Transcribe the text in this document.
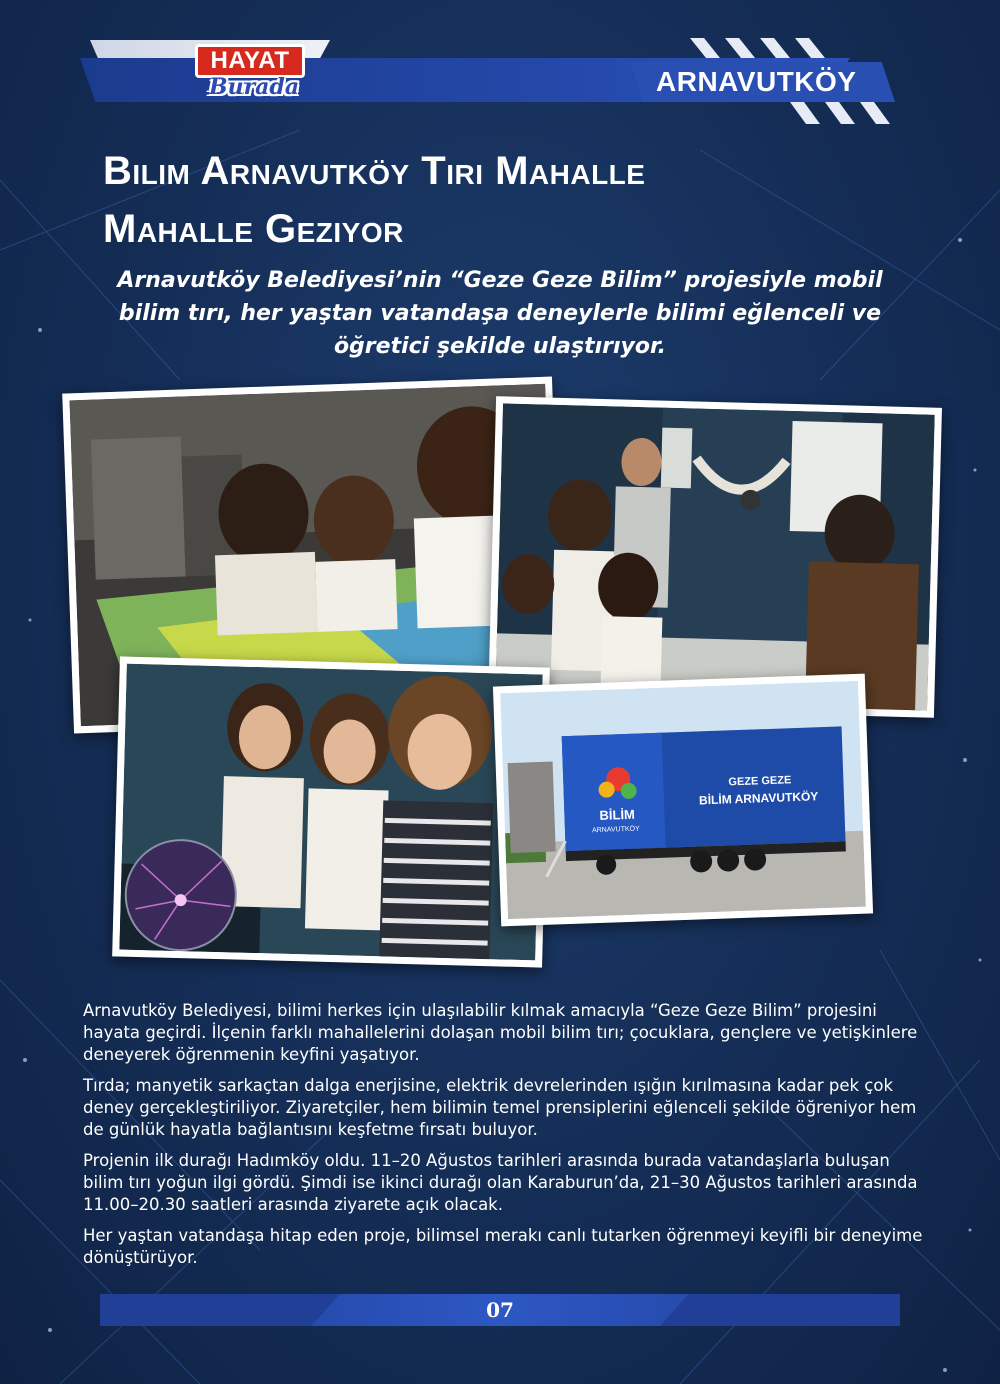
ARNAVUTKÖY
HAYAT
Burada
Bilim Arnavutköy Tırı Mahalle
Mahalle Geziyor
Arnavutköy Belediyesi’nin “Geze Geze Bilim” projesiyle mobil bilim tırı, her yaştan vatandaşa deneylerle bilimi eğlenceli ve öğretici şekilde ulaştırıyor.
BİLİM
ARNAVUTKÖY
GEZE GEZE
BİLİM ARNAVUTKÖY

Arnavutköy Belediyesi, bilimi herkes için ulaşılabilir kılmak amacıyla “Geze Geze Bilim” projesini hayata geçirdi. İlçenin farklı mahallelerini dolaşan mobil bilim tırı; çocuklara, gençlere ve yetişkinlere deneyerek öğrenmenin keyfini yaşatıyor.

Tırda; manyetik sarkaçtan dalga enerjisine, elektrik devrelerinden ışığın kırılmasına kadar pek çok deney gerçekleştiriliyor. Ziyaretçiler, hem bilimin temel prensiplerini eğlenceli şekilde öğreniyor hem de günlük hayatla bağlantısını keşfetme fırsatı buluyor.

Projenin ilk durağı Hadımköy oldu. 11–20 Ağustos tarihleri arasında burada vatandaşlarla buluşan bilim tırı yoğun ilgi gördü. Şimdi ise ikinci durağı olan Karaburun’da, 21–30 Ağustos tarihleri arasında 11.00–20.30 saatleri arasında ziyarete açık olacak.

Her yaştan vatandaşa hitap eden proje, bilimsel merakı canlı tutarken öğrenmeyi keyifli bir deneyime dönüştürüyor.

07
